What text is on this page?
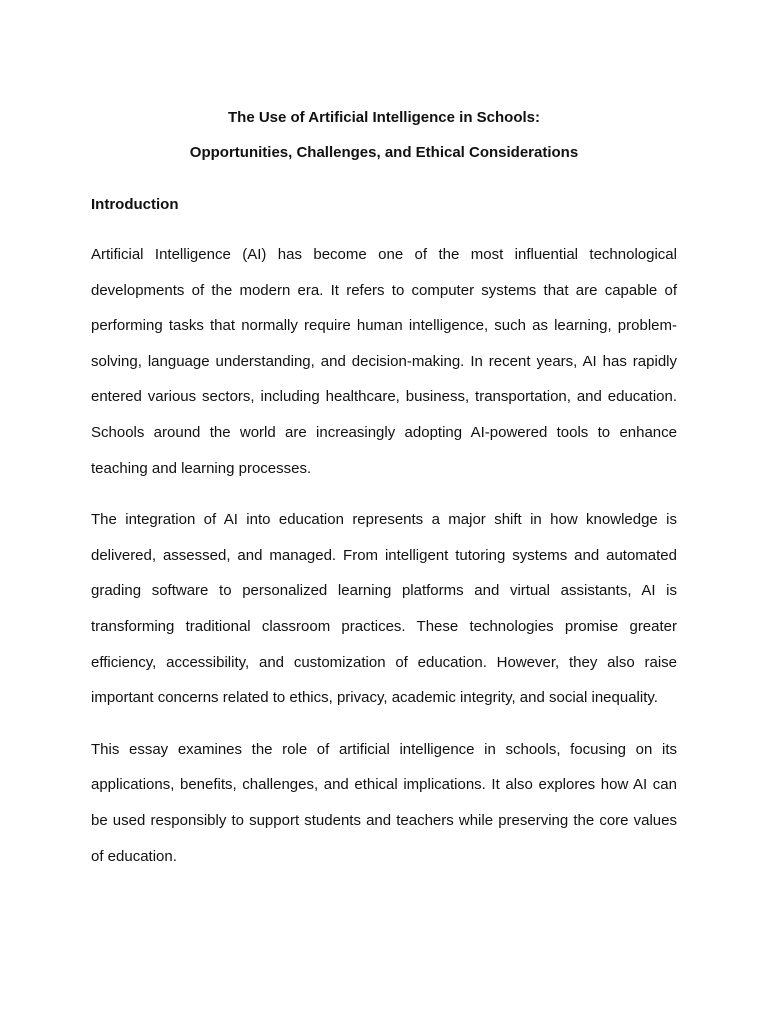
The Use of Artificial Intelligence in Schools:

Opportunities, Challenges, and Ethical Considerations

Introduction

Artificial Intelligence (AI) has become one of the most influential technological developments of the modern era. It refers to computer systems that are capable of performing tasks that normally require human intelligence, such as learning, problem-solving, language understanding, and decision-making. In recent years, AI has rapidly entered various sectors, including healthcare, business, transportation, and education. Schools around the world are increasingly adopting AI-powered tools to enhance teaching and learning processes.

The integration of AI into education represents a major shift in how knowledge is delivered, assessed, and managed. From intelligent tutoring systems and automated grading software to personalized learning platforms and virtual assistants, AI is transforming traditional classroom practices. These technologies promise greater efficiency, accessibility, and customization of education. However, they also raise important concerns related to ethics, privacy, academic integrity, and social inequality.

This essay examines the role of artificial intelligence in schools, focusing on its applications, benefits, challenges, and ethical implications. It also explores how AI can be used responsibly to support students and teachers while preserving the core values of education.
